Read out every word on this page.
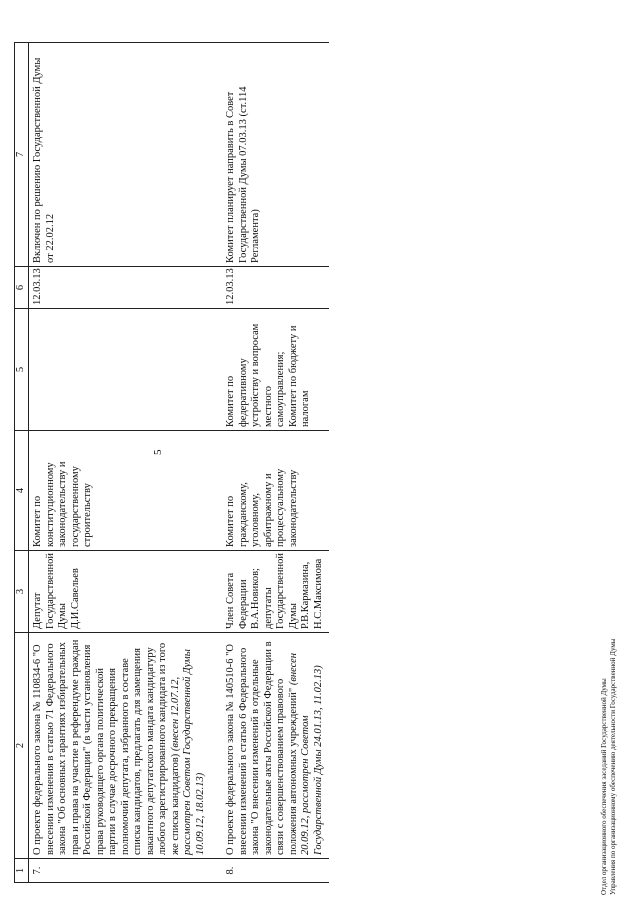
5
1	2	3	4	5	6	7
7.	О проекте федерального закона № 110834-6 "О внесении изменения в статью 71 Федерального закона "Об основных гарантиях избирательных прав и права на участие в референдуме граждан Российской Федерации" (в части установления права руководящего органа политической партии в случае досрочного прекращения полномочий депутата, избранного в составе списка кандидатов, предлагать для замещения вакантного депутатского мандата кандидатуру любого зарегистрированного кандидата из того же списка кандидатов) (внесен 12.07.12, рассмотрен Советом Государственной Думы 10.09.12, 18.02.13)	Депутат Государственной Думы Д.И.Савельев	Комитет по конституционному законодательству и государственному строительству		12.03.13	Включен по решению Государственной Думы от 22.02.12
8.	О проекте федерального закона № 140510-6 "О внесении изменений в статью 6 Федерального закона "О внесении изменений в отдельные законодательные акты Российской Федерации в связи с совершенствованием правового положения автономных учреждений" (внесен 20.09.12, рассмотрен Советом Государственной Думы 24.01.13, 11.02.13)	Член Совета Федерации В.А.Новиков; депутаты Государственной Думы Р.В.Кармазина, Н.С.Максимова	Комитет по гражданскому, уголовному, арбитражному и процессуальному законодательству	Комитет по федеративному устройству и вопросам местного самоуправления; Комитет по бюджету и налогам	12.03.13	Комитет планирует направить в Совет Государственной Думы 07.03.13 (ст.114 Регламента)
Отдел организационного обеспечения заседаний Государственной Думы Управления по организационному обеспечению деятельности Государственной Думы
